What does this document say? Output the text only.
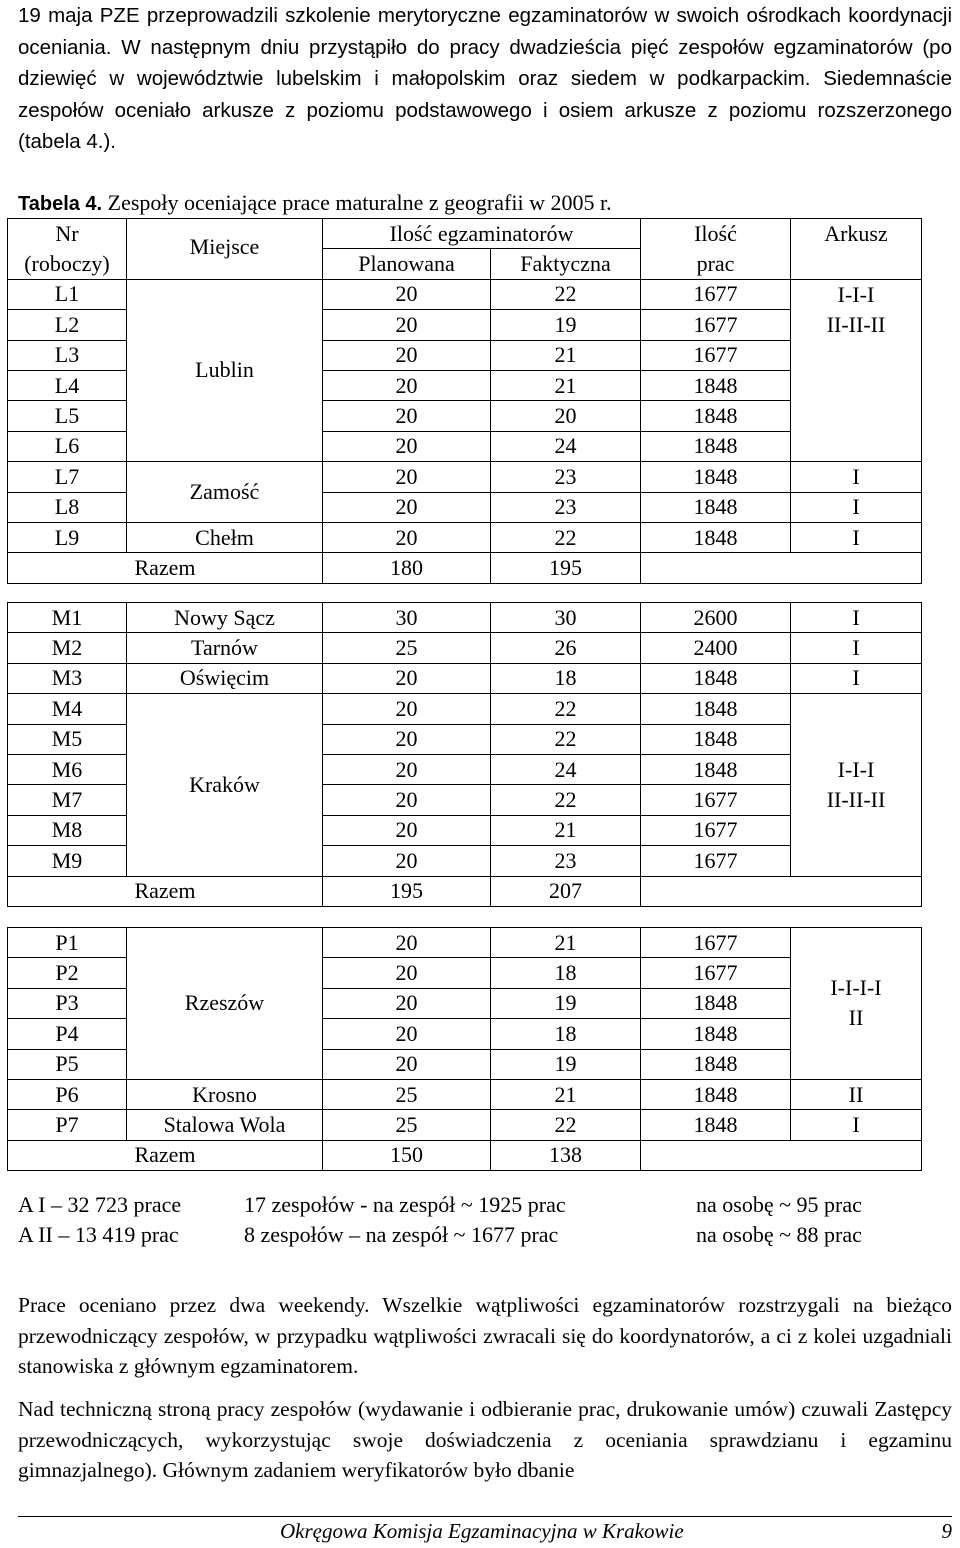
19 maja PZE przeprowadzili szkolenie merytoryczne egzaminatorów w swoich ośrodkach koordynacji oceniania. W następnym dniu przystąpiło do pracy dwadzieścia pięć zespołów egzaminatorów (po dziewięć w województwie lubelskim i małopolskim oraz siedem w podkarpackim. Siedemnaście zespołów oceniało arkusze z poziomu podstawowego i osiem arkusze z poziomu rozszerzonego (tabela 4.).

Tabela 4. Zespoły oceniające prace maturalne z geografii w 2005 r.

Nr	Miejsce	Ilość egzaminatorów		Ilość	Arkusz
(roboczy)		Planowana	Faktyczna	prac	
L1	Lublin	20	22	1677	I-I-I
II-II-II

L2		20	19	1677	
L3		20	21	1677	
L4		20	21	1848	
L5		20	20	1848	
L6		20	24	1848	
L7	Zamość	20	23	1848	I
L8		20	23	1848	I
L9	Chełm	20	22	1848	I
Razem		180	195		
M1	Nowy Sącz	30	30	2600	I
M2	Tarnów	25	26	2400	I
M3	Oświęcim	20	18	1848	I
M4	Kraków	20	22	1848	I-I-I
II-II-II

M5		20	22	1848	
M6		20	24	1848	
M7		20	22	1677	
M8		20	21	1677	
M9		20	23	1677	
Razem		195	207		
P1	Rzeszów	20	21	1677	I-I-I-I
II

P2		20	18	1677	
P3		20	19	1848	
P4		20	18	1848	
P5		20	19	1848	
P6	Krosno	25	21	1848	II
P7	Stalowa Wola	25	22	1848	I
Razem		150	138		
A I – 32 723 prace	17 zespołów - na zespół ~ 1925 prac	na osobę ~ 95 prac
A II – 13 419 prac	8 zespołów – na zespół ~ 1677 prac	na osobę ~ 88 prac

Prace oceniano przez dwa weekendy. Wszelkie wątpliwości egzaminatorów rozstrzygali na bieżąco przewodniczący zespołów, w przypadku wątpliwości zwracali się do koordynatorów, a ci z kolei uzgadniali stanowiska z głównym egzaminatorem.

Nad techniczną stroną pracy zespołów (wydawanie i odbieranie prac, drukowanie umów) czuwali Zastępcy przewodniczących, wykorzystując swoje doświadczenia z oceniania sprawdzianu i egzaminu gimnazjalnego). Głównym zadaniem weryfikatorów było dbanie

Okręgowa Komisja Egzaminacyjna w Krakowie	9
